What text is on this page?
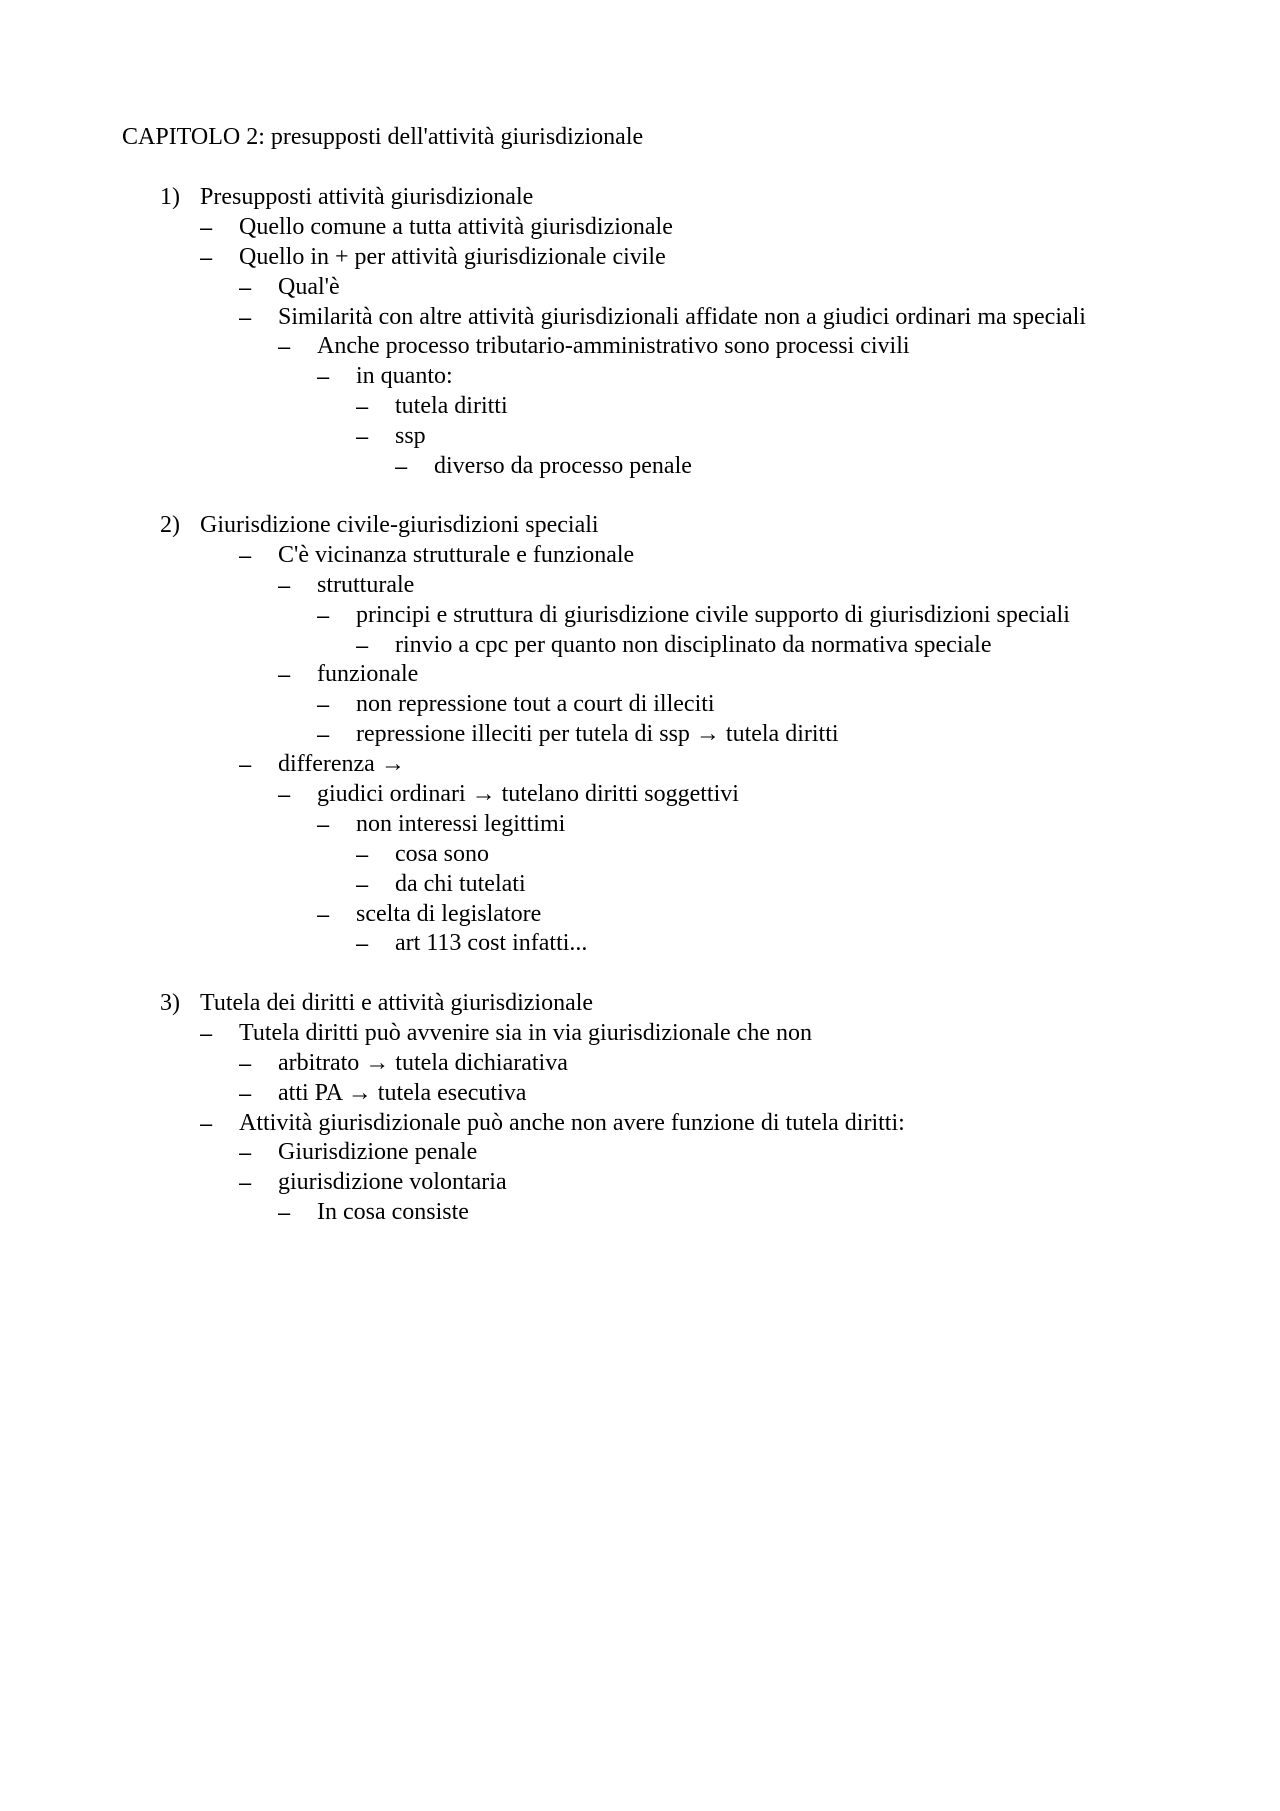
CAPITOLO 2: presupposti dell'attività giurisdizionale
1) Presupposti attività giurisdizionale
– Quello comune a tutta attività giurisdizionale
– Quello in + per attività giurisdizionale civile
– Qual'è
– Similarità con altre attività giurisdizionali affidate non a giudici ordinari ma speciali
– Anche processo tributario-amministrativo sono processi civili
– in quanto:
– tutela diritti
– ssp
– diverso da processo penale
2) Giurisdizione civile-giurisdizioni speciali
– C'è vicinanza strutturale e funzionale
– strutturale
– principi e struttura di giurisdizione civile supporto di giurisdizioni speciali
– rinvio a cpc per quanto non disciplinato da normativa speciale
– funzionale
– non repressione tout a court di illeciti
– repressione illeciti per tutela di ssp → tutela diritti
– differenza →
– giudici ordinari → tutelano diritti soggettivi
– non interessi legittimi
– cosa sono
– da chi tutelati
– scelta di legislatore
– art 113 cost infatti...
3) Tutela dei diritti e attività giurisdizionale
– Tutela diritti può avvenire sia in via giurisdizionale che non
– arbitrato → tutela dichiarativa
– atti PA → tutela esecutiva
– Attività giurisdizionale può anche non avere funzione di tutela diritti:
– Giurisdizione penale
– giurisdizione volontaria
– In cosa consiste
